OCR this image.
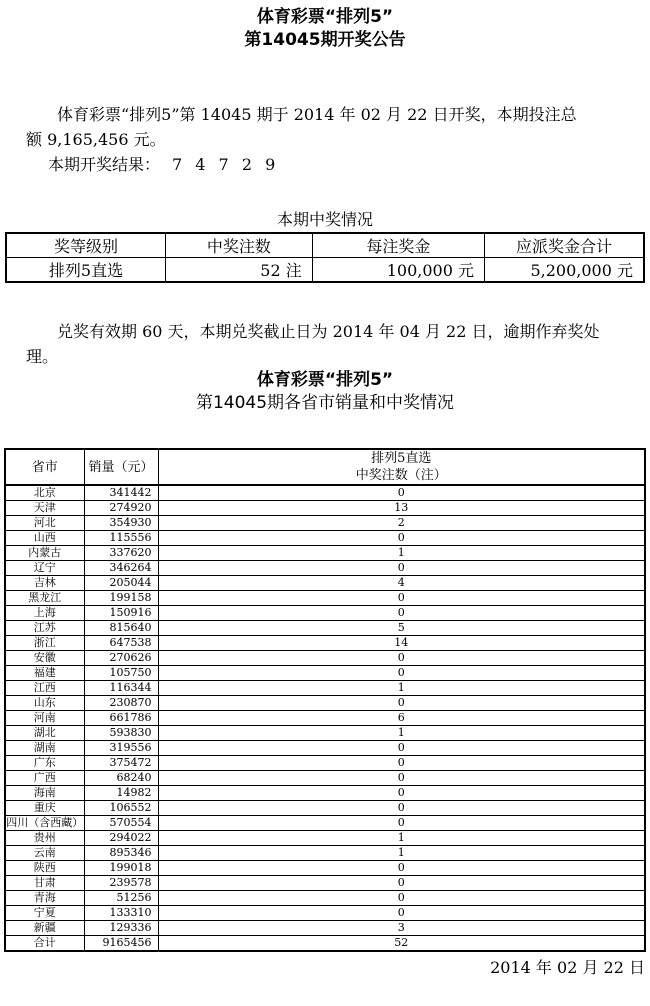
体育彩票“排列5”
第14045期开奖公告
体育彩票“排列5”第 14045 期于 2014 年 02 月 22 日开奖，本期投注总
额 9,165,456 元。
本期开奖结果： 7 4 7 2 9
本期中奖情况
奖等级别	中奖注数	每注奖金	应派奖金合计
排列5直选	52 注	100,000 元	5,200,000 元
兑奖有效期 60 天，本期兑奖截止日为 2014 年 04 月 22 日，逾期作弃奖处
理。
体育彩票“排列5”
第14045期各省市销量和中奖情况
省市	销量（元）	排列5直选
中奖注数（注）

北京	341442	0
天津	274920	13
河北	354930	2
山西	115556	0
内蒙古	337620	1
辽宁	346264	0
吉林	205044	4
黑龙江	199158	0
上海	150916	0
江苏	815640	5
浙江	647538	14
安徽	270626	0
福建	105750	0
江西	116344	1
山东	230870	0
河南	661786	6
湖北	593830	1
湖南	319556	0
广东	375472	0
广西	68240	0
海南	14982	0
重庆	106552	0
四川（含西藏）	570554	0
贵州	294022	1
云南	895346	1
陕西	199018	0
甘肃	239578	0
青海	51256	0
宁夏	133310	0
新疆	129336	3
合计	9165456	52
2014 年 02 月 22 日
